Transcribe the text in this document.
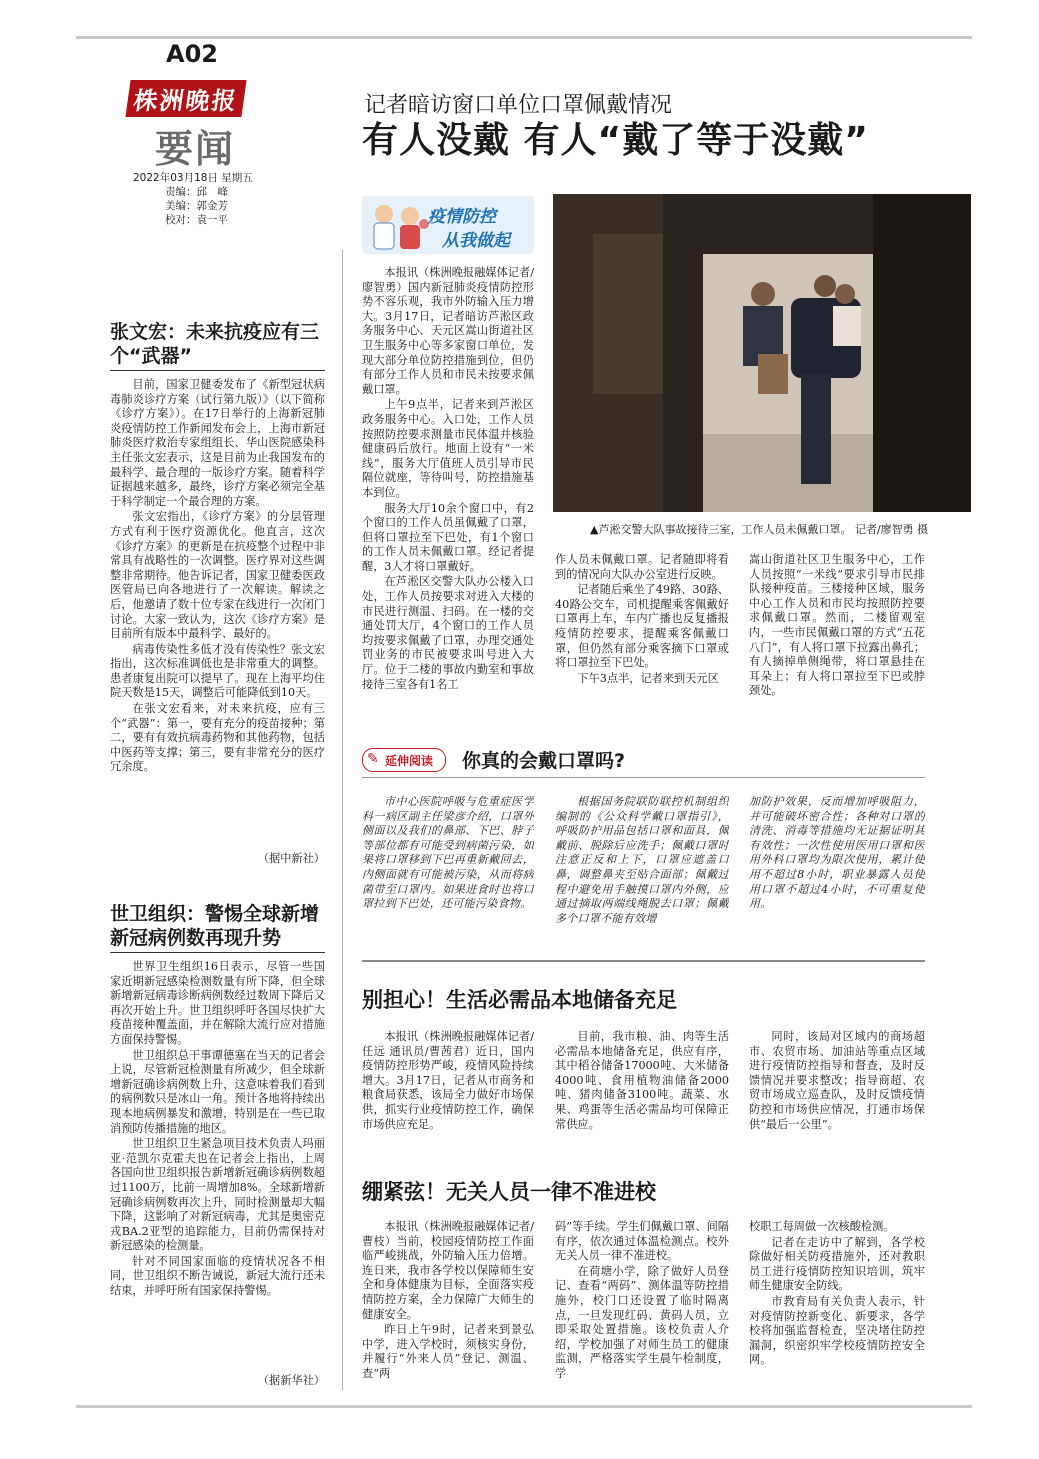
A02
株洲晚报
要闻
2022年03月18日 星期五
责编：邱　峰
美编：郭金芳
校对：袁一平
记者暗访窗口单位口罩佩戴情况
有人没戴 有人“戴了等于没戴”
疫情防控
从我做起

本报讯（株洲晚报融媒体记者/廖智勇）国内新冠肺炎疫情防控形势不容乐观，我市外防输入压力增大。3月17日，记者暗访芦淞区政务服务中心、天元区嵩山街道社区卫生服务中心等多家窗口单位，发现大部分单位防控措施到位，但仍有部分工作人员和市民未按要求佩戴口罩。

上午9点半，记者来到芦淞区政务服务中心。入口处，工作人员按照防控要求测量市民体温并核验健康码后放行。地面上设有“一米线”，服务大厅值班人员引导市民隔位就座，等待叫号，防控措施基本到位。

服务大厅10余个窗口中，有2个窗口的工作人员虽佩戴了口罩，但将口罩拉至下巴处，有1个窗口的工作人员未佩戴口罩。经记者提醒，3人才将口罩戴好。

在芦淞区交警大队办公楼入口处，工作人员按要求对进入大楼的市民进行测温、扫码。在一楼的交通处罚大厅，4个窗口的工作人员均按要求佩戴了口罩，办理交通处罚业务的市民被要求叫号进入大厅。位于二楼的事故内勤室和事故接待三室各有1名工

▲芦淞交警大队事故接待三室，工作人员未佩戴口罩。 记者/廖智勇 摄

作人员未佩戴口罩。记者随即将看到的情况向大队办公室进行反映。

记者随后乘坐了49路、30路、40路公交车，司机提醒乘客佩戴好口罩再上车，车内广播也反复播报疫情防控要求，提醒乘客佩戴口罩，但仍然有部分乘客摘下口罩或将口罩拉至下巴处。

下午3点半，记者来到天元区

嵩山街道社区卫生服务中心，工作人员按照“一米线”要求引导市民排队接种疫苗。三楼接种区域，服务中心工作人员和市民均按照防控要求佩戴口罩。然而，二楼留观室内，一些市民佩戴口罩的方式“五花八门”，有人将口罩下拉露出鼻孔；有人摘掉单侧绳带，将口罩悬挂在耳朵上；有人将口罩拉至下巴或脖颈处。

✎ 延伸阅读 你真的会戴口罩吗?

市中心医院呼吸与危重症医学科一病区副主任梁彦介绍，口罩外侧面以及我们的鼻部、下巴、脖子等部位都有可能受到病菌污染，如果将口罩移到下巴再重新戴回去，内侧面就有可能被污染，从而将病菌带至口罩内。如果进食时也将口罩拉到下巴处，还可能污染食物。

根据国务院联防联控机制组织编制的《公众科学戴口罩指引》，呼吸防护用品包括口罩和面具，佩戴前、脱除后应洗手；佩戴口罩时注意正反和上下，口罩应遮盖口鼻，调整鼻夹至贴合面部；佩戴过程中避免用手触摸口罩内外侧，应通过摘取两端线绳脱去口罩；佩戴多个口罩不能有效增

加防护效果，反而增加呼吸阻力，并可能破坏密合性；各种对口罩的清洗、消毒等措施均无证据证明其有效性；一次性使用医用口罩和医用外科口罩均为限次使用，累计使用不超过8小时，职业暴露人员使用口罩不超过4小时，不可重复使用。

别担心！生活必需品本地储备充足

本报讯（株洲晚报融媒体记者/任远 通讯员/曹茜君）近日，国内疫情防控形势严峻，疫情风险持续增大。3月17日，记者从市商务和粮食局获悉，该局全力做好市场保供，抓实行业疫情防控工作，确保市场供应充足。

目前，我市粮、油、肉等生活必需品本地储备充足，供应有序，其中稻谷储备17000吨、大米储备4000吨、食用植物油储备2000吨、猪肉储备3100吨。蔬菜、水果、鸡蛋等生活必需品均可保障正常供应。

同时，该局对区域内的商场超市、农贸市场、加油站等重点区域进行疫情防控指导和督查，及时反馈情况并要求整改；指导商超、农贸市场成立巡查队，及时反馈疫情防控和市场供应情况，打通市场保供“最后一公里”。

绷紧弦！无关人员一律不准进校

本报讯（株洲晚报融媒体记者/曹枝）当前，校园疫情防控工作面临严峻挑战，外防输入压力倍增。连日来，我市各学校以保障师生安全和身体健康为目标，全面落实疫情防控方案，全力保障广大师生的健康安全。

昨日上午9时，记者来到景弘中学，进入学校时，须核实身份，并履行“外来人员”登记、测温、查“两

码”等手续。学生们佩戴口罩、间隔有序，依次通过体温检测点。校外无关人员一律不准进校。

在荷塘小学，除了做好人员登记、查看“两码”、测体温等防控措施外，校门口还设置了临时隔离点，一旦发现红码、黄码人员，立即采取处置措施。该校负责人介绍，学校加强了对师生员工的健康监测，严格落实学生晨午检制度，学

校职工每周做一次核酸检测。

记者在走访中了解到，各学校除做好相关防疫措施外，还对教职员工进行疫情防控知识培训，筑牢师生健康安全防线。

市教育局有关负责人表示，针对疫情防控新变化、新要求，各学校将加强监督检查，坚决堵住防控漏洞，织密织牢学校疫情防控安全网。

张文宏：未来抗疫应有三个“武器”

目前，国家卫健委发布了《新型冠状病毒肺炎诊疗方案（试行第九版）》（以下简称《诊疗方案》）。在17日举行的上海新冠肺炎疫情防控工作新闻发布会上，上海市新冠肺炎医疗救治专家组组长、华山医院感染科主任张文宏表示，这是目前为止我国发布的最科学、最合理的一版诊疗方案。随着科学证据越来越多，最终，诊疗方案必须完全基于科学制定一个最合理的方案。

张文宏指出，《诊疗方案》的分层管理方式有利于医疗资源优化。他直言，这次《诊疗方案》的更新是在抗疫整个过程中非常具有战略性的一次调整。医疗界对这些调整非常期待。他告诉记者，国家卫健委医政医管局已向各地进行了一次解读。解读之后，他邀请了数十位专家在线进行一次闭门讨论。大家一致认为，这次《诊疗方案》是目前所有版本中最科学、最好的。

病毒传染性多低才没有传染性？张文宏指出，这次标准调低也是非常重大的调整。患者康复出院可以提早了。现在上海平均住院天数是15天，调整后可能降低到10天。

在张文宏看来，对未来抗疫，应有三个“武器”：第一，要有充分的疫苗接种；第二，要有有效抗病毒药物和其他药物，包括中医药等支撑；第三，要有非常充分的医疗冗余度。

（据中新社）
世卫组织：警惕全球新增新冠病例数再现升势

世界卫生组织16日表示，尽管一些国家近期新冠感染检测数量有所下降，但全球新增新冠病毒诊断病例数经过数周下降后又再次开始上升。世卫组织呼吁各国尽快扩大疫苗接种覆盖面，并在解除大流行应对措施方面保持警惕。

世卫组织总干事谭德塞在当天的记者会上说，尽管新冠检测量有所减少，但全球新增新冠确诊病例数上升，这意味着我们看到的病例数只是冰山一角。预计各地将持续出现本地病例暴发和激增，特别是在一些已取消预防传播措施的地区。

世卫组织卫生紧急项目技术负责人玛丽亚·范凯尔克霍夫也在记者会上指出，上周各国向世卫组织报告新增新冠确诊病例数超过1100万，比前一周增加8%。全球新增新冠确诊病例数再次上升，同时检测量却大幅下降，这影响了对新冠病毒，尤其是奥密克戎BA.2亚型的追踪能力，目前仍需保持对新冠感染的检测量。

针对不同国家面临的疫情状况各不相同，世卫组织不断告诫说，新冠大流行还未结束，并呼吁所有国家保持警惕。

（据新华社）
